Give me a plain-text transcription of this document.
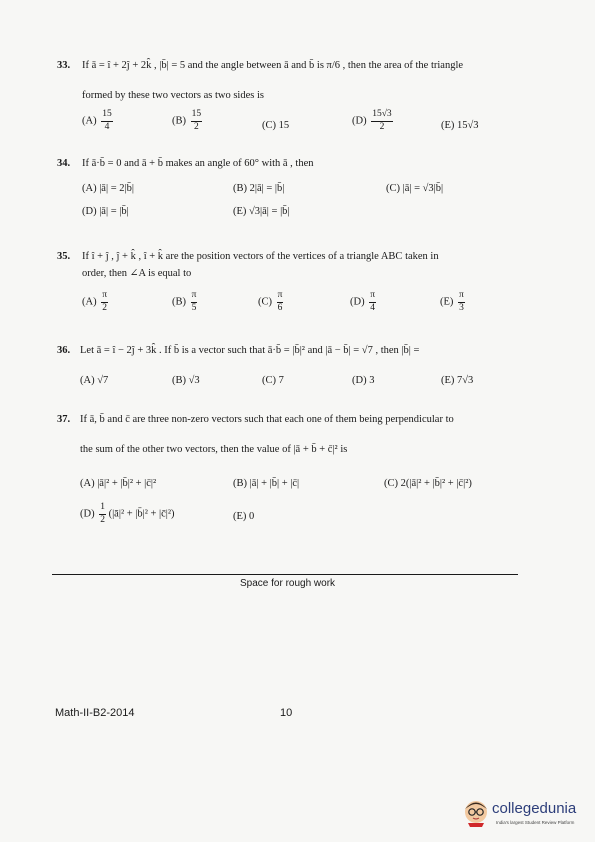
33. If ā = î + 2ĵ + 2k̂ , |b̄| = 5 and the angle between ā and b̄ is π/6 , then the area of the triangle
formed by these two vectors as two sides is
$(A) \frac{15}{4}$	$(B) \frac{15}{2}$	(C) 15	$(D) \frac{15√3}{2}$	(E) 15√3
34. If ā·b̄ = 0 and ā + b̄ makes an angle of 60° with ā , then
(A) |ā| = 2|b̄|	(B) 2|ā| = |b̄|	(C) |ā| = √3|b̄|
(D) |ā| = |b̄|	(E) √3|ā| = |b̄|
35. If î + ĵ , ĵ + k̂ , î + k̂ are the position vectors of the vertices of a triangle ABC taken in
order, then ∠A is equal to
$(A) \frac{\pi}{2}$	$(B) \frac{\pi}{5}$	$(C) \frac{\pi}{6}$	$(D) \frac{\pi}{4}$	$(E) \frac{\pi}{3}$
36. Let ā = î − 2ĵ + 3k̂ . If b̄ is a vector such that ā·b̄ = |b̄|² and |ā − b̄| = √7 , then |b̄| =
(A) √7	(B) √3	(C) 7	(D) 3	(E) 7√3
37. If ā, b̄ and c̄ are three non-zero vectors such that each one of them being perpendicular to
the sum of the other two vectors, then the value of |ā + b̄ + c̄|² is
(A) |ā|² + |b̄|² + |c̄|²	(B) |ā| + |b̄| + |c̄|	(C) 2(|ā|² + |b̄|² + |c̄|²)
$(D) \frac{1}{2}$ (|ā|² + |b̄|² + |c̄|²)	(E) 0
Space for rough work
Math-II-B2-2014	10
collegedunia
India's largest Student Review Platform
